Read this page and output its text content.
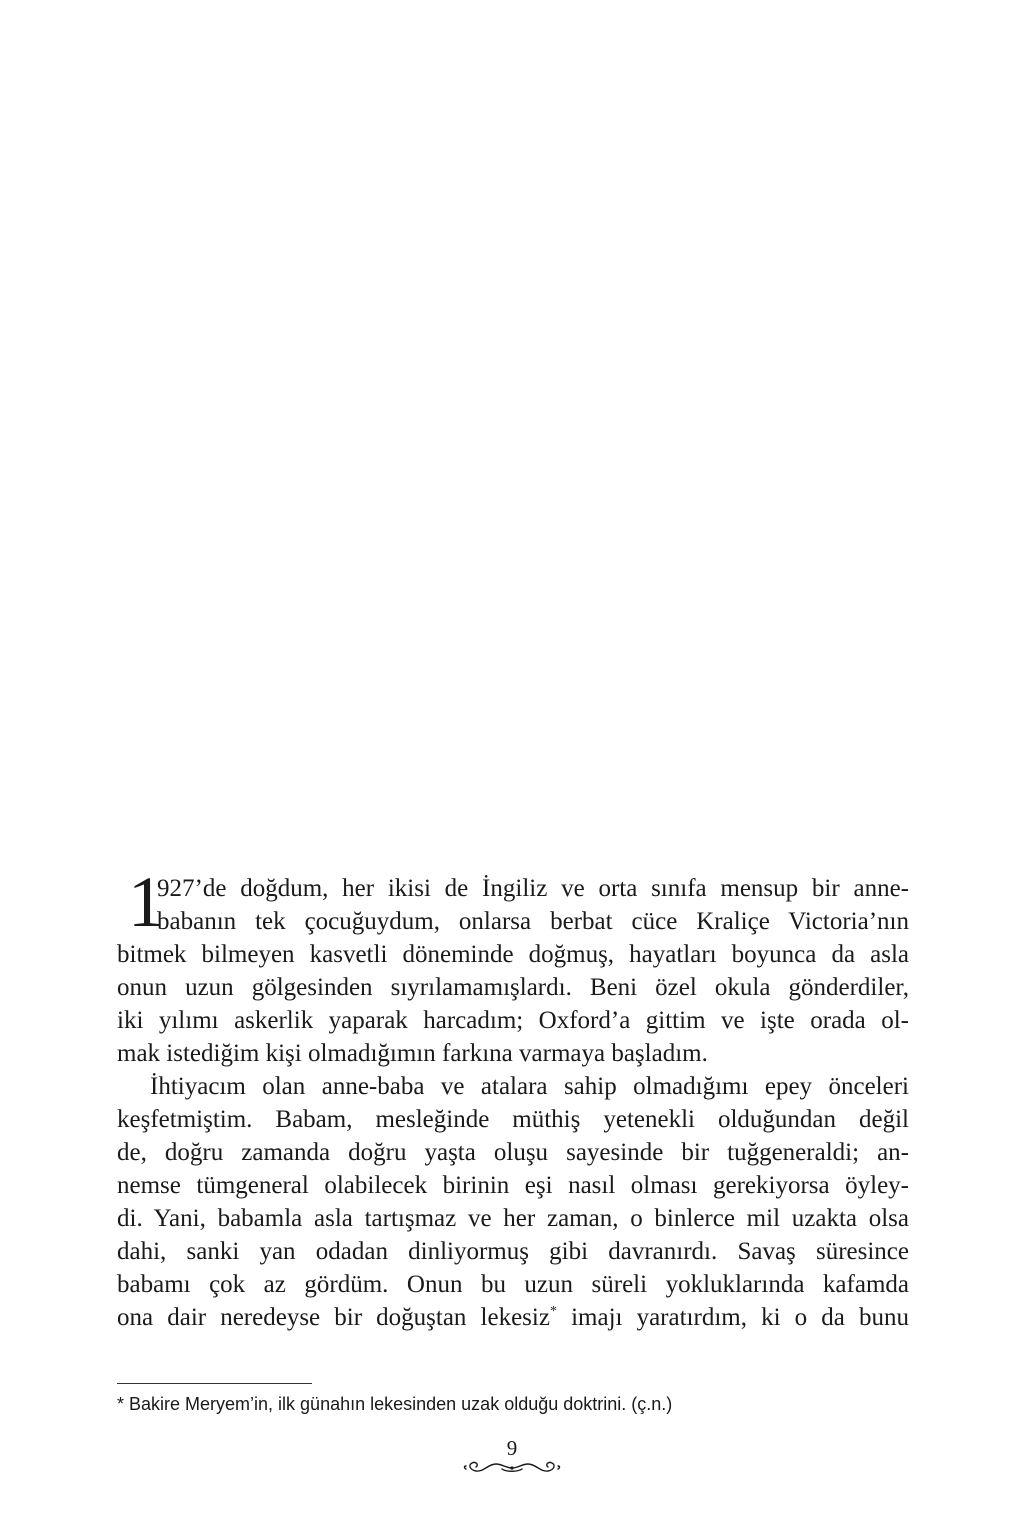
1
927’de doğdum, her ikisi de İngiliz ve orta sınıfa mensup bir anne-
babanın tek çocuğuydum, onlarsa berbat cüce Kraliçe Victoria’nın
bitmek bilmeyen kasvetli döneminde doğmuş, hayatları boyunca da asla
onun uzun gölgesinden sıyrılamamışlardı. Beni özel okula gönderdiler,
iki yılımı askerlik yaparak harcadım; Oxford’a gittim ve işte orada ol-
mak istediğim kişi olmadığımın farkına varmaya başladım.
İhtiyacım olan anne-baba ve atalara sahip olmadığımı epey önceleri
keşfetmiştim. Babam, mesleğinde müthiş yetenekli olduğundan değil
de, doğru zamanda doğru yaşta oluşu sayesinde bir tuğgeneraldi; an-
nemse tümgeneral olabilecek birinin eşi nasıl olması gerekiyorsa öyley-
di. Yani, babamla asla tartışmaz ve her zaman, o binlerce mil uzakta olsa
dahi, sanki yan odadan dinliyormuş gibi davranırdı. Savaş süresince
babamı çok az gördüm. Onun bu uzun süreli yokluklarında kafamda
ona dair neredeyse bir doğuştan lekesiz* imajı yaratırdım, ki o da bunu
* Bakire Meryem’in, ilk günahın lekesinden uzak olduğu doktrini. (ç.n.)
9
